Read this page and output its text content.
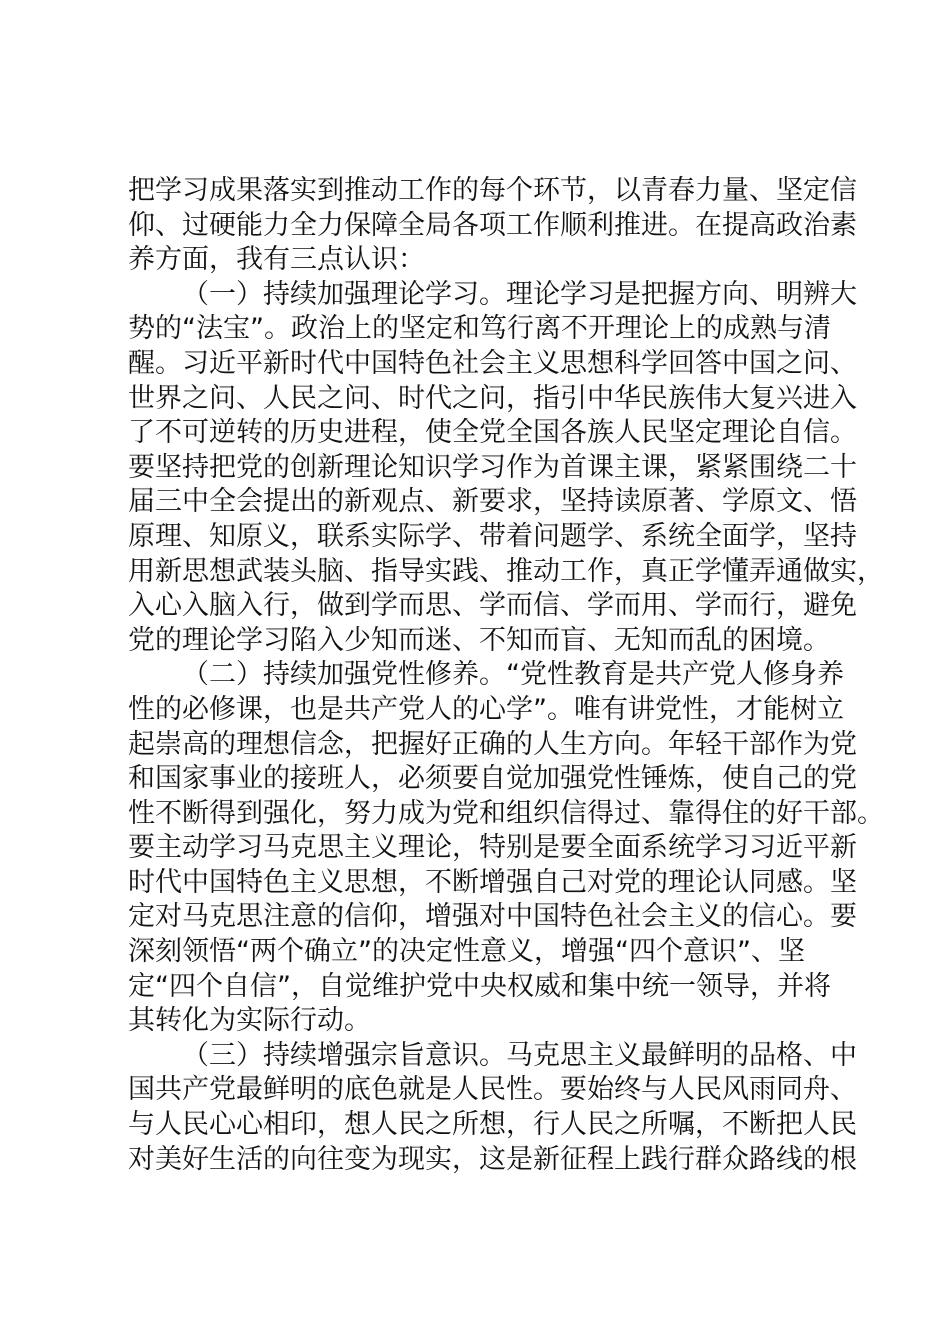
把学习成果落实到推动工作的每个环节，以青春力量、坚定信
仰、过硬能力全力保障全局各项工作顺利推进。在提高政治素
养方面，我有三点认识：
（一）持续加强理论学习。理论学习是把握方向、明辨大
势的“法宝”。政治上的坚定和笃行离不开理论上的成熟与清
醒。习近平新时代中国特色社会主义思想科学回答中国之问、
世界之问、人民之问、时代之问，指引中华民族伟大复兴进入
了不可逆转的历史进程，使全党全国各族人民坚定理论自信。
要坚持把党的创新理论知识学习作为首课主课，紧紧围绕二十
届三中全会提出的新观点、新要求，坚持读原著、学原文、悟
原理、知原义，联系实际学、带着问题学、系统全面学，坚持
用新思想武装头脑、指导实践、推动工作，真正学懂弄通做实，
入心入脑入行，做到学而思、学而信、学而用、学而行，避免
党的理论学习陷入少知而迷、不知而盲、无知而乱的困境。
（二）持续加强党性修养。“党性教育是共产党人修身养
性的必修课，也是共产党人的心学”。唯有讲党性，才能树立
起崇高的理想信念，把握好正确的人生方向。年轻干部作为党
和国家事业的接班人，必须要自觉加强党性锤炼，使自己的党
性不断得到强化，努力成为党和组织信得过、靠得住的好干部。
要主动学习马克思主义理论，特别是要全面系统学习习近平新
时代中国特色主义思想，不断增强自己对党的理论认同感。坚
定对马克思注意的信仰，增强对中国特色社会主义的信心。要
深刻领悟“两个确立”的决定性意义，增强“四个意识”、坚
定“四个自信”，自觉维护党中央权威和集中统一领导，并将
其转化为实际行动。
（三）持续增强宗旨意识。马克思主义最鲜明的品格、中
国共产党最鲜明的底色就是人民性。要始终与人民风雨同舟、
与人民心心相印，想人民之所想，行人民之所嘱，不断把人民
对美好生活的向往变为现实，这是新征程上践行群众路线的根
